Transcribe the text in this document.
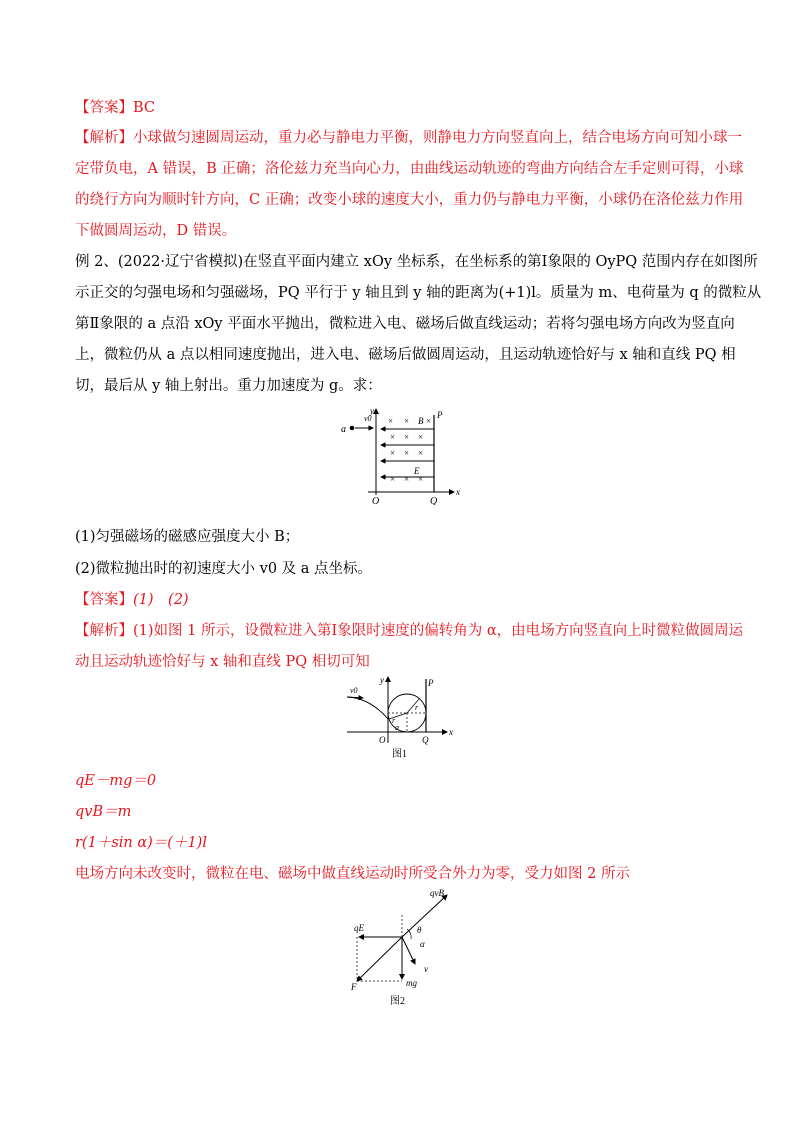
【答案】BC
【解析】小球做匀速圆周运动，重力必与静电力平衡，则静电力方向竖直向上，结合电场方向可知小球一
定带负电，A 错误，B 正确；洛伦兹力充当向心力，由曲线运动轨迹的弯曲方向结合左手定则可得，小球
的绕行方向为顺时针方向，C 正确；改变小球的速度大小，重力仍与静电力平衡，小球仍在洛伦兹力作用
下做圆周运动，D 错误。
例 2、(2022·辽宁省模拟)在竖直平面内建立 xOy 坐标系，在坐标系的第Ⅰ象限的 OyPQ 范围内存在如图所
示正交的匀强电场和匀强磁场，PQ 平行于 y 轴且到 y 轴的距离为(+1)l。质量为 m、电荷量为 q 的微粒从
第Ⅱ象限的 a 点沿 xOy 平面水平抛出，微粒进入电、磁场后做直线运动；若将匀强电场方向改为竖直向
上，微粒仍从 a 点以相同速度抛出，进入电、磁场后做圆周运动，且运动轨迹恰好与 x 轴和直线 PQ 相
切，最后从 y 轴上射出。重力加速度为 g。求：
a
v0
y	P
× × B ×
× × ×
× × ×
E
× × ×
x
O	Q
(1)匀强磁场的磁感应强度大小 B；
(2)微粒抛出时的初速度大小 v0 及 a 点坐标。
【答案】(1)　(2)
【解析】(1)如图 1 所示，设微粒进入第Ⅰ象限时速度的偏转角为 α，由电场方向竖直向上时微粒做圆周运
动且运动轨迹恰好与 x 轴和直线 PQ 相切可知
v0
y	P
r
r
α
O	Q
x
图1
qE－mg＝0
qvB＝m
r(1＋sin α)＝(＋1)l
电场方向未改变时，微粒在电、磁场中做直线运动时所受合外力为零，受力如图 2 所示
qvB
qE	θ
α
v
mg
F
图2
